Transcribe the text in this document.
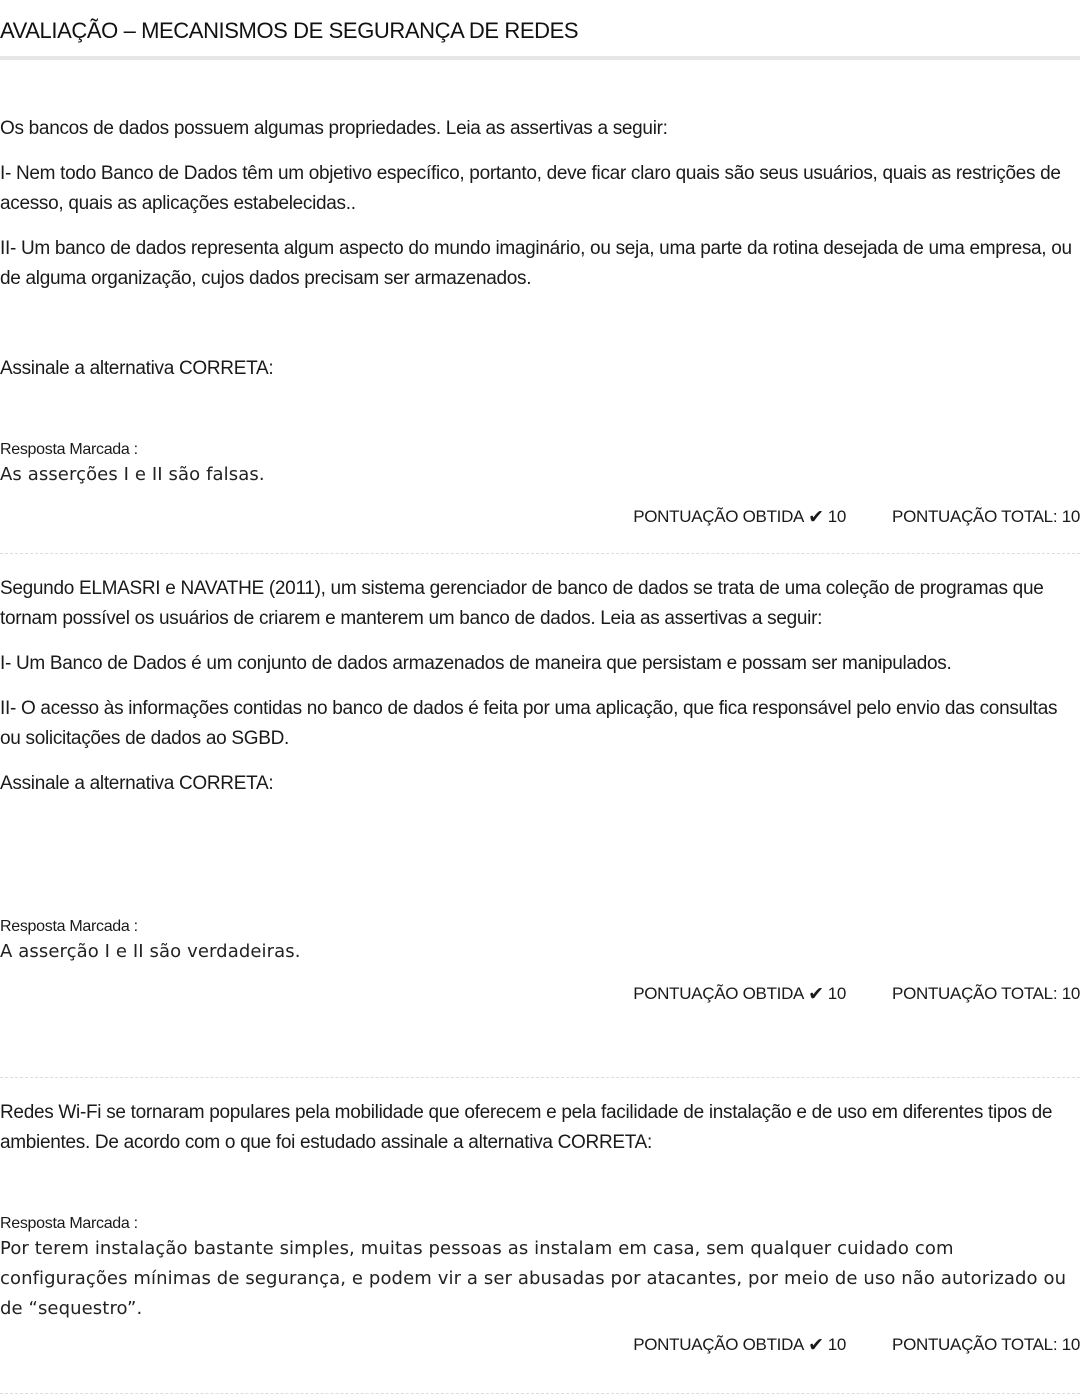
AVALIAÇÃO – MECANISMOS DE SEGURANÇA DE REDES

Os bancos de dados possuem algumas propriedades. Leia as assertivas a seguir:

I- Nem todo Banco de Dados têm um objetivo específico, portanto, deve ficar claro quais são seus usuários, quais as restrições de acesso, quais as aplicações estabelecidas..

II- Um banco de dados representa algum aspecto do mundo imaginário, ou seja, uma parte da rotina desejada de uma empresa, ou de alguma organização, cujos dados precisam ser armazenados.

Assinale a alternativa CORRETA:

Resposta Marcada :
As asserções I e II são falsas.
PONTUAÇÃO OBTIDA ✔ 10	PONTUAÇÃO TOTAL: 10

Segundo ELMASRI e NAVATHE (2011), um sistema gerenciador de banco de dados se trata de uma coleção de programas que tornam possível os usuários de criarem e manterem um banco de dados. Leia as assertivas a seguir:

I- Um Banco de Dados é um conjunto de dados armazenados de maneira que persistam e possam ser manipulados.

II- O acesso às informações contidas no banco de dados é feita por uma aplicação, que fica responsável pelo envio das consultas ou solicitações de dados ao SGBD.

Assinale a alternativa CORRETA:

Resposta Marcada :
A asserção I e II são verdadeiras.
PONTUAÇÃO OBTIDA ✔ 10	PONTUAÇÃO TOTAL: 10

Redes Wi-Fi se tornaram populares pela mobilidade que oferecem e pela facilidade de instalação e de uso em diferentes tipos de ambientes. De acordo com o que foi estudado assinale a alternativa CORRETA:

Resposta Marcada :
Por terem instalação bastante simples, muitas pessoas as instalam em casa, sem qualquer cuidado com configurações mínimas de segurança, e podem vir a ser abusadas por atacantes, por meio de uso não autorizado ou de “sequestro”.
PONTUAÇÃO OBTIDA ✔ 10	PONTUAÇÃO TOTAL: 10
